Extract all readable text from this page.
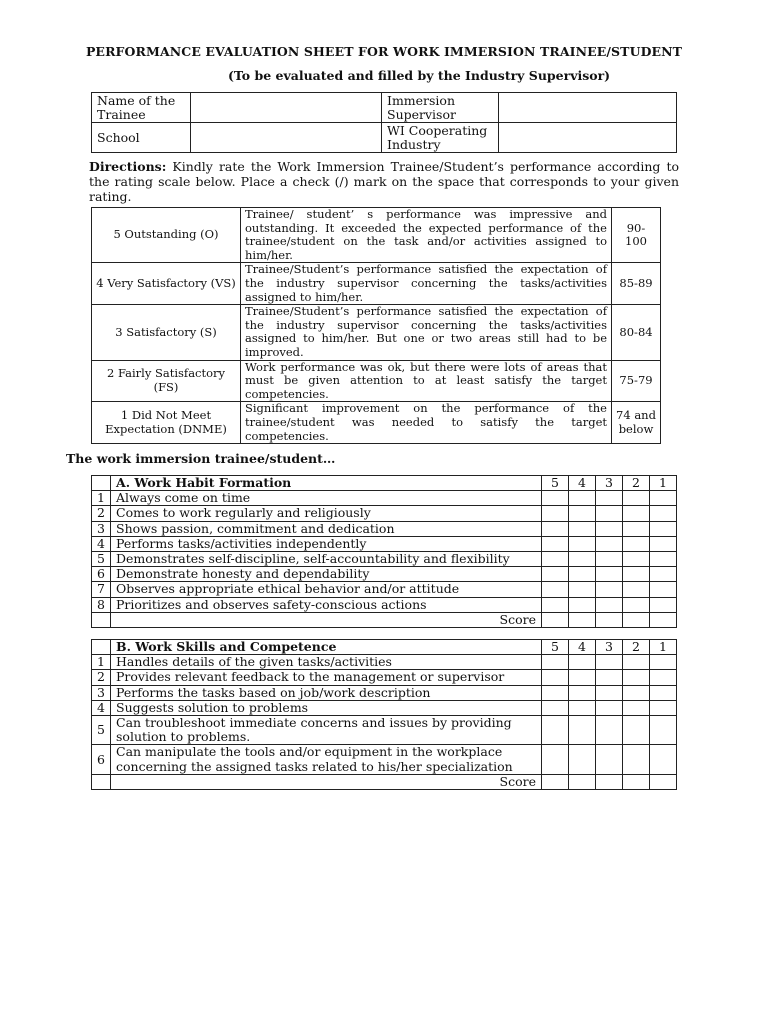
PERFORMANCE EVALUATION SHEET FOR WORK IMMERSION TRAINEE/STUDENT
(To be evaluated and filled by the Industry Supervisor)
Name of the Trainee		Immersion Supervisor	
School		WI Cooperating Industry	
Directions: Kindly rate the Work Immersion Trainee/Student’s performance according to the rating scale below. Place a check (/) mark on the space that corresponds to your given rating.
5 Outstanding (O)	Trainee/ student’ s performance was impressive and outstanding. It exceeded the expected performance of the trainee/student on the task and/or activities assigned to him/her.	90-100
4 Very Satisfactory (VS)	Trainee/Student’s performance satisfied the expectation of the industry supervisor concerning the tasks/activities assigned to him/her.	85-89
3 Satisfactory (S)	Trainee/Student’s performance satisfied the expectation of the industry supervisor concerning the tasks/activities assigned to him/her. But one or two areas still had to be improved.	80-84
2 Fairly Satisfactory (FS)	Work performance was ok, but there were lots of areas that must be given attention to at least satisfy the target competencies.	75-79
1 Did Not Meet Expectation (DNME)	Significant improvement on the performance of the trainee/student was needed to satisfy the target competencies.	74 and below
The work immersion trainee/student…
	A. Work Habit Formation	5	4	3	2	1
1	Always come on time					
2	Comes to work regularly and religiously					
3	Shows passion, commitment and dedication					
4	Performs tasks/activities independently					
5	Demonstrates self-discipline, self-accountability and flexibility					
6	Demonstrate honesty and dependability					
7	Observes appropriate ethical behavior and/or attitude					
8	Prioritizes and observes safety-conscious actions					
	Score					
	B. Work Skills and Competence	5	4	3	2	1
1	Handles details of the given tasks/activities					
2	Provides relevant feedback to the management or supervisor					
3	Performs the tasks based on job/work description					
4	Suggests solution to problems					
5	Can troubleshoot immediate concerns and issues by providing solution to problems.					
6	Can manipulate the tools and/or equipment in the workplace concerning the assigned tasks related to his/her specialization					
	Score					
